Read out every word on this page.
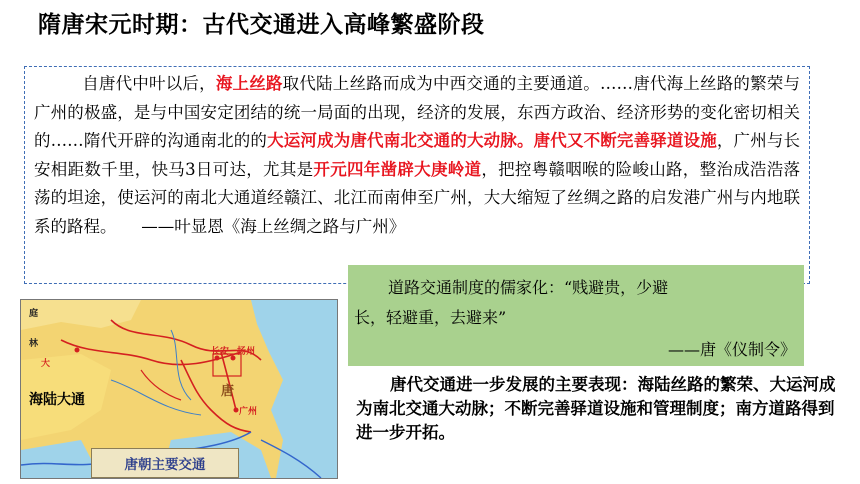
隋唐宋元时期：古代交通进入高峰繁盛阶段
自唐代中叶以后，海上丝路取代陆上丝路而成为中西交通的主要通道。……唐代海上丝路的繁荣与广州的极盛，是与中国安定团结的统一局面的出现，经济的发展，东西方政治、经济形势的变化密切相关的……隋代开辟的沟通南北的的大运河成为唐代南北交通的大动脉。唐代又不断完善驿道设施，广州与长安相距数千里，快马3日可达，尤其是开元四年凿辟大庚岭道，把控粤赣咽喉的险峻山路，整治成浩浩落荡的坦途，使运河的南北大通道经赣江、北江而南伸至广州，大大缩短了丝绸之路的启发港广州与内地联系的路程。　　——叶显恩《海上丝绸之路与广州》
大
长安 扬州
广州
林
庭
唐
海陆大通
唐朝主要交通
道路交通制度的儒家化：“贱避贵，少避
长，轻避重，去避来”
——唐《仪制令》
唐代交通进一步发展的主要表现：海陆丝路的繁荣、大运河成为南北交通大动脉；不断完善驿道设施和管理制度；南方道路得到进一步开拓。
